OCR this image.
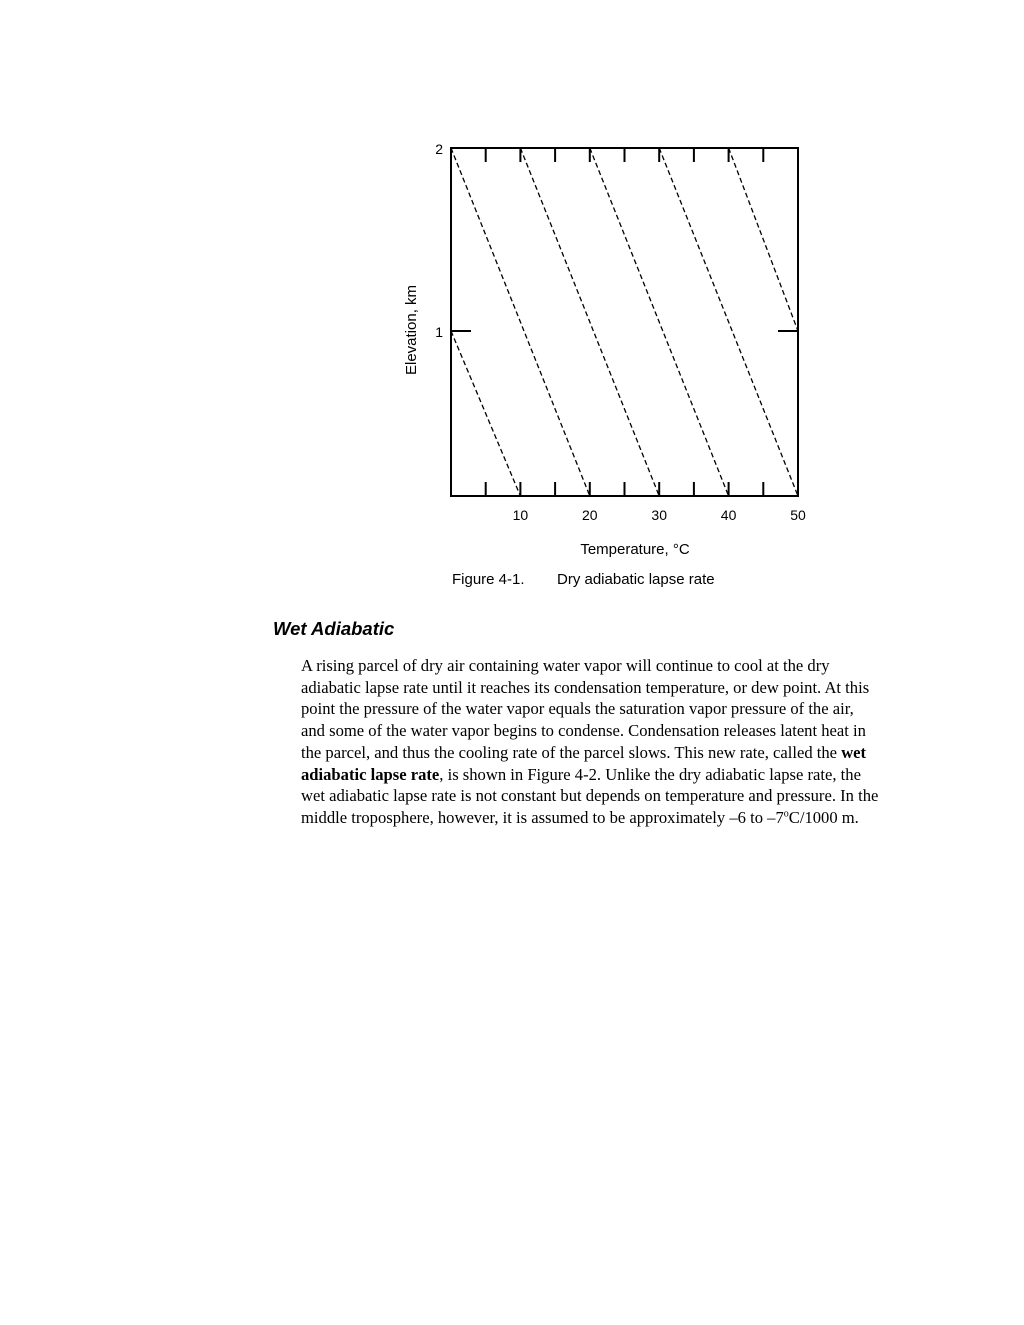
1
2
10	20	30	40	50
Elevation, km
Temperature, °C
Figure 4-1. Dry adiabatic lapse rate
Wet Adiabatic

A rising parcel of dry air containing water vapor will continue to cool at the dry adiabatic lapse rate until it reaches its condensation temperature, or dew point. At this point the pressure of the water vapor equals the saturation vapor pressure of the air, and some of the water vapor begins to condense. Condensation releases latent heat in the parcel, and thus the cooling rate of the parcel slows. This new rate, called the wet adiabatic lapse rate, is shown in Figure 4-2. Unlike the dry adiabatic lapse rate, the wet adiabatic lapse rate is not constant but depends on temperature and pressure. In the middle troposphere, however, it is assumed to be approximately –6 to –7$^o$C/1000 m.
